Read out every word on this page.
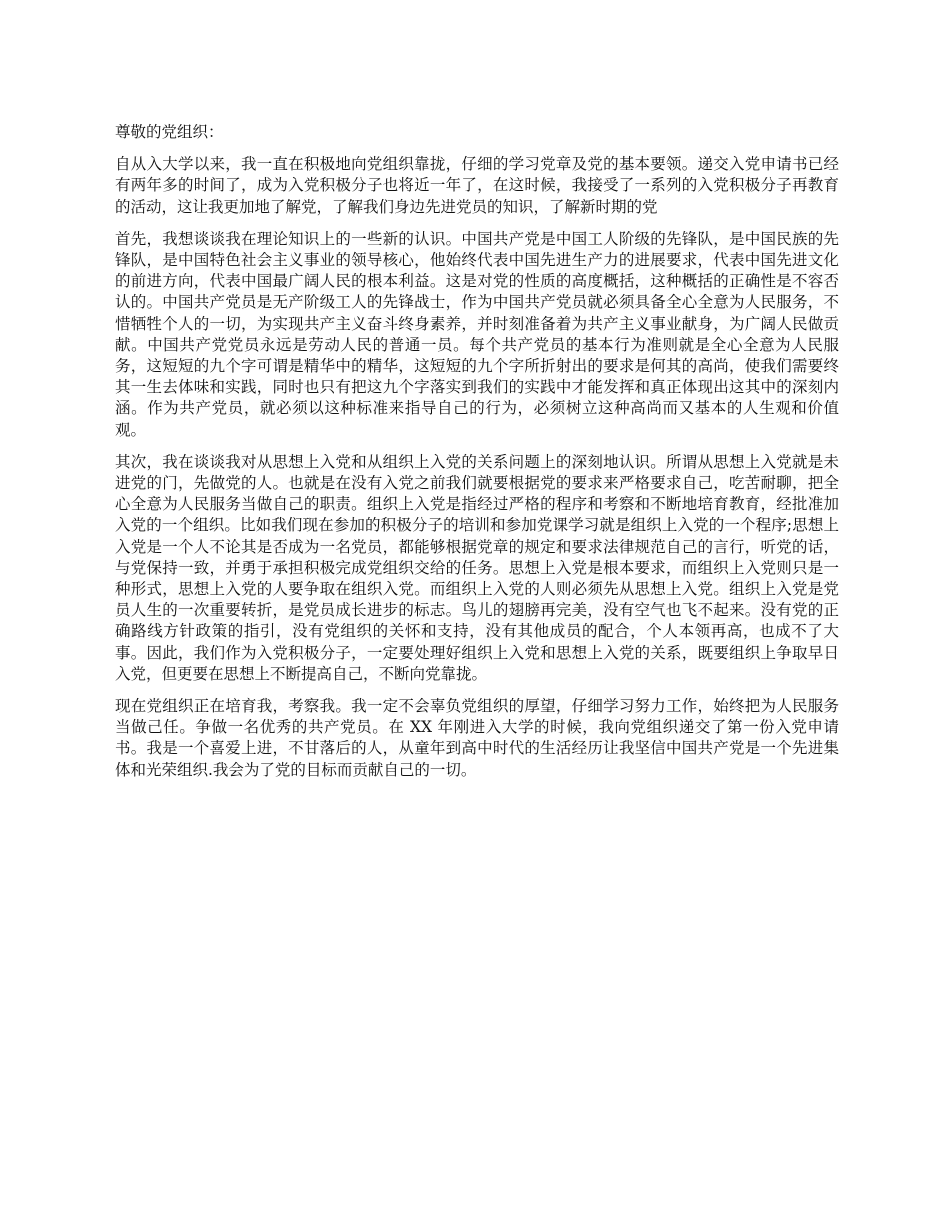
尊敬的党组织：

自从入大学以来，我一直在积极地向党组织靠拢，仔细的学习党章及党的基本要领。递交入党申请书已经有两年多的时间了，成为入党积极分子也将近一年了，在这时候，我接受了一系列的入党积极分子再教育的活动，这让我更加地了解党，了解我们身边先进党员的知识，了解新时期的党

首先，我想谈谈我在理论知识上的一些新的认识。中国共产党是中国工人阶级的先锋队，是中国民族的先锋队，是中国特色社会主义事业的领导核心，他始终代表中国先进生产力的进展要求，代表中国先进文化的前进方向，代表中国最广阔人民的根本利益。这是对党的性质的高度概括，这种概括的正确性是不容否认的。中国共产党员是无产阶级工人的先锋战士，作为中国共产党员就必须具备全心全意为人民服务，不惜牺牲个人的一切，为实现共产主义奋斗终身素养，并时刻准备着为共产主义事业献身，为广阔人民做贡献。中国共产党党员永远是劳动人民的普通一员。每个共产党员的基本行为准则就是全心全意为人民服务，这短短的九个字可谓是精华中的精华，这短短的九个字所折射出的要求是何其的高尚，使我们需要终其一生去体味和实践，同时也只有把这九个字落实到我们的实践中才能发挥和真正体现出这其中的深刻内涵。作为共产党员，就必须以这种标准来指导自己的行为，必须树立这种高尚而又基本的人生观和价值观。

其次，我在谈谈我对从思想上入党和从组织上入党的关系问题上的深刻地认识。所谓从思想上入党就是未进党的门，先做党的人。也就是在没有入党之前我们就要根据党的要求来严格要求自己，吃苦耐聊，把全心全意为人民服务当做自己的职责。组织上入党是指经过严格的程序和考察和不断地培育教育，经批准加入党的一个组织。比如我们现在参加的积极分子的培训和参加党课学习就是组织上入党的一个程序;思想上入党是一个人不论其是否成为一名党员，都能够根据党章的规定和要求法律规范自己的言行，听党的话，与党保持一致，并勇于承担积极完成党组织交给的任务。思想上入党是根本要求，而组织上入党则只是一种形式，思想上入党的人要争取在组织入党。而组织上入党的人则必须先从思想上入党。组织上入党是党员人生的一次重要转折，是党员成长进步的标志。鸟儿的翅膀再完美，没有空气也飞不起来。没有党的正确路线方针政策的指引，没有党组织的关怀和支持，没有其他成员的配合，个人本领再高，也成不了大事。因此，我们作为入党积极分子，一定要处理好组织上入党和思想上入党的关系，既要组织上争取早日入党，但更要在思想上不断提高自己，不断向党靠拢。

现在党组织正在培育我，考察我。我一定不会辜负党组织的厚望，仔细学习努力工作，始终把为人民服务当做己任。争做一名优秀的共产党员。在 XX 年刚进入大学的时候，我向党组织递交了第一份入党申请书。我是一个喜爱上进，不甘落后的人，从童年到高中时代的生活经历让我坚信中国共产党是一个先进集体和光荣组织.我会为了党的目标而贡献自己的一切。
